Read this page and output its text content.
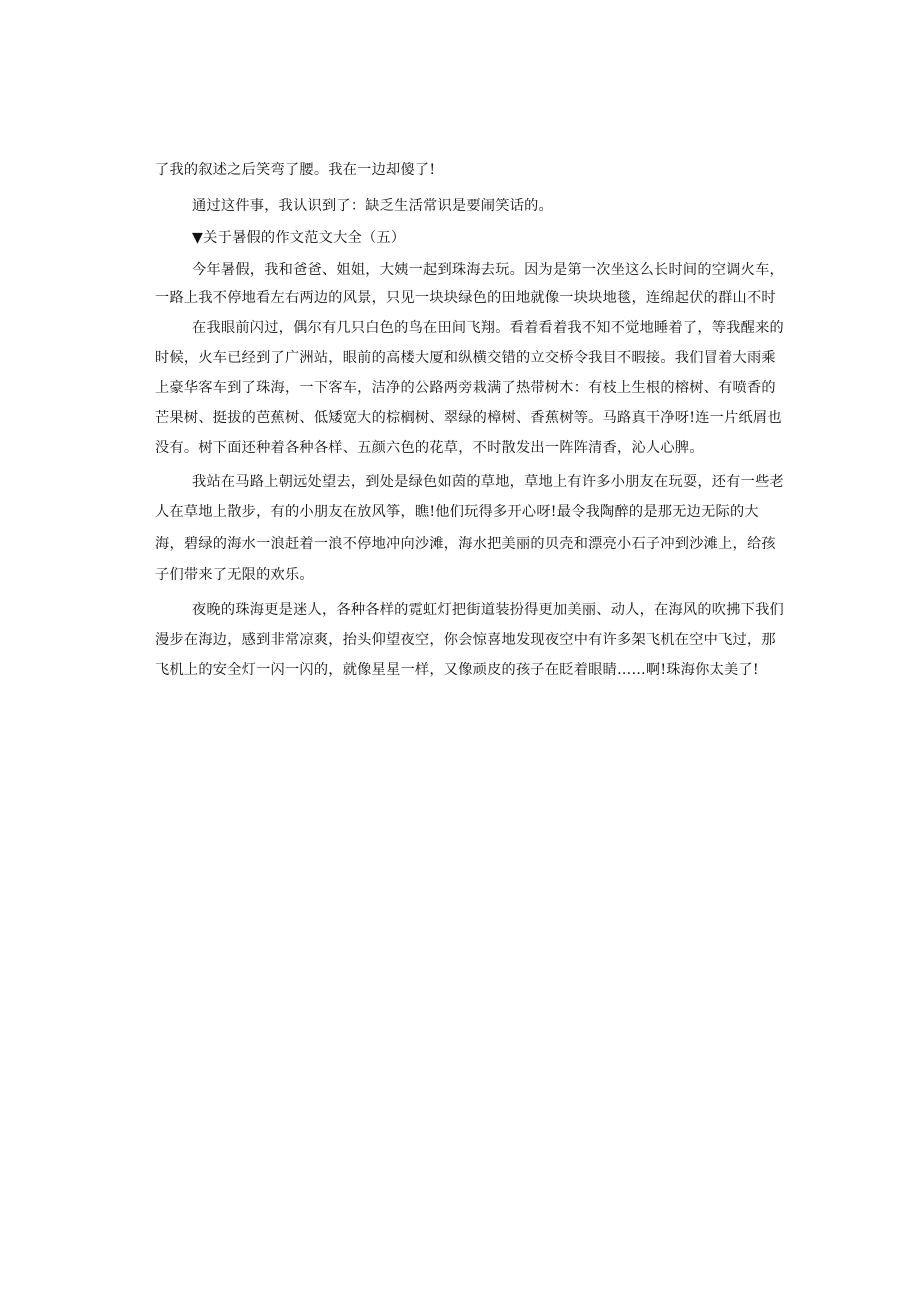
了我的叙述之后笑弯了腰。我在一边却傻了!
通过这件事，我认识到了：缺乏生活常识是要闹笑话的。
▼关于暑假的作文范文大全（五）
今年暑假，我和爸爸、姐姐，大姨一起到珠海去玩。因为是第一次坐这么长时间的空调火车，
一路上我不停地看左右两边的风景，只见一块块绿色的田地就像一块块地毯，连绵起伏的群山不时
在我眼前闪过，偶尔有几只白色的鸟在田间飞翔。看着看着我不知不觉地睡着了，等我醒来的
时候，火车已经到了广洲站，眼前的高楼大厦和纵横交错的立交桥令我目不暇接。我们冒着大雨乘
上豪华客车到了珠海，一下客车，洁净的公路两旁栽满了热带树木：有枝上生根的榕树、有喷香的
芒果树、挺拔的芭蕉树、低矮宽大的棕榈树、翠绿的樟树、香蕉树等。马路真干净呀!连一片纸屑也
没有。树下面还种着各种各样、五颜六色的花草，不时散发出一阵阵清香，沁人心脾。
我站在马路上朝远处望去，到处是绿色如茵的草地，草地上有许多小朋友在玩耍，还有一些老
人在草地上散步，有的小朋友在放风筝，瞧!他们玩得多开心呀!最令我陶醉的是那无边无际的大
海，碧绿的海水一浪赶着一浪不停地冲向沙滩，海水把美丽的贝壳和漂亮小石子冲到沙滩上，给孩
子们带来了无限的欢乐。
夜晚的珠海更是迷人，各种各样的霓虹灯把街道装扮得更加美丽、动人，在海风的吹拂下我们
漫步在海边，感到非常凉爽，抬头仰望夜空，你会惊喜地发现夜空中有许多架飞机在空中飞过，那
飞机上的安全灯一闪一闪的，就像星星一样，又像顽皮的孩子在眨着眼睛……啊!珠海你太美了!
